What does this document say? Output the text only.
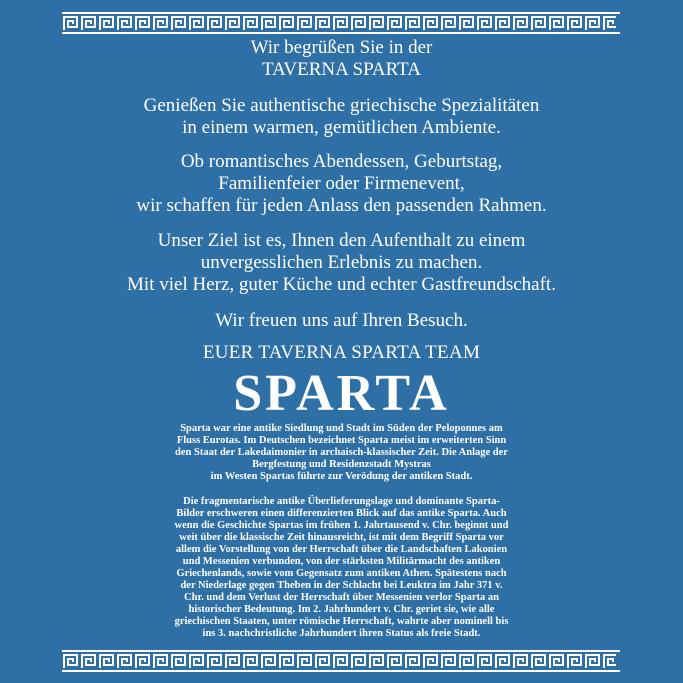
Wir begrüßen Sie in der
TAVERNA SPARTA
Genießen Sie authentische griechische Spezialitäten
in einem warmen, gemütlichen Ambiente.
Ob romantisches Abendessen, Geburtstag,
Familienfeier oder Firmenevent,
wir schaffen für jeden Anlass den passenden Rahmen.
Unser Ziel ist es, Ihnen den Aufenthalt zu einem
unvergesslichen Erlebnis zu machen.
Mit viel Herz, guter Küche und echter Gastfreundschaft.
Wir freuen uns auf Ihren Besuch.
EUER TAVERNA SPARTA TEAM
SPARTA
Sparta war eine antike Siedlung und Stadt im Süden der Peloponnes am
Fluss Eurotas. Im Deutschen bezeichnet Sparta meist im erweiterten Sinn
den Staat der Lakedaimonier in archaisch-klassischer Zeit. Die Anlage der
Bergfestung und Residenzstadt Mystras
im Westen Spartas führte zur Verödung der antiken Stadt.
Die fragmentarische antike Überlieferungslage und dominante Sparta-
Bilder erschweren einen differenzierten Blick auf das antike Sparta. Auch
wenn die Geschichte Spartas im frühen 1. Jahrtausend v. Chr. beginnt und
weit über die klassische Zeit hinausreicht, ist mit dem Begriff Sparta vor
allem die Vorstellung von der Herrschaft über die Landschaften Lakonien
und Messenien verbunden, von der stärksten Militärmacht des antiken
Griechenlands, sowie vom Gegensatz zum antiken Athen. Spätestens nach
der Niederlage gegen Theben in der Schlacht bei Leuktra im Jahr 371 v.
Chr. und dem Verlust der Herrschaft über Messenien verlor Sparta an
historischer Bedeutung. Im 2. Jahrhundert v. Chr. geriet sie, wie alle
griechischen Staaten, unter römische Herrschaft, wahrte aber nominell bis
ins 3. nachchristliche Jahrhundert ihren Status als freie Stadt.
